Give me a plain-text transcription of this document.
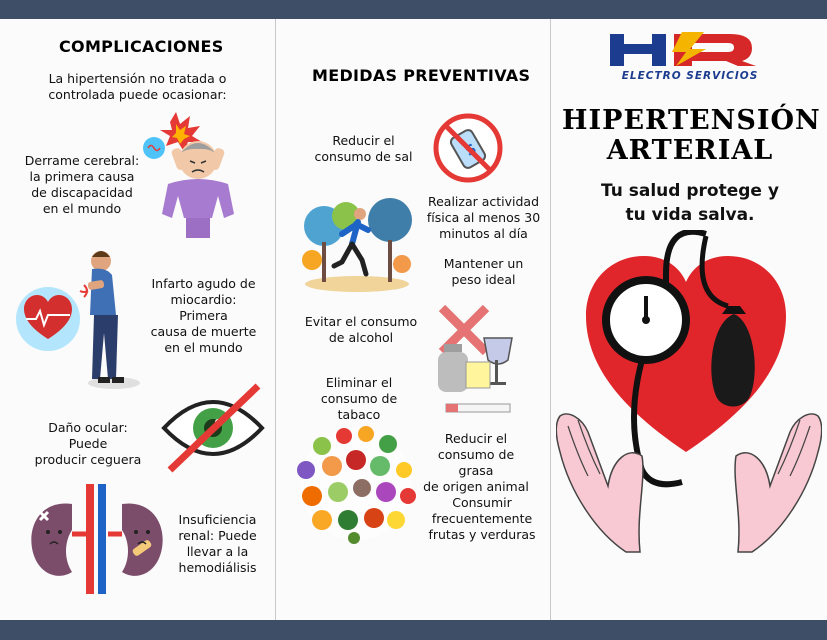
COMPLICACIONES
La hipertensión no tratada o
controlada puede ocasionar:
Derrame cerebral:
la primera causa
de discapacidad
en el mundo
Infarto agudo de
miocardio: Primera
causa de muerte
en el mundo
Daño ocular: Puede
producir ceguera
Insuficiencia
renal: Puede
llevar a la
hemodiálisis
MEDIDAS PREVENTIVAS
Reducir el
consumo de sal
Realizar actividad
física al menos 30
minutos al día
Mantener un
peso ideal
Evitar el consumo
de alcohol
Eliminar el
consumo de tabaco
Reducir el
consumo de grasa
de origen animal
Consumir
frecuentemente
frutas y verduras
ELECTRO SERVICIOS
HIPERTENSIÓN
ARTERIAL
Tu salud protege y
tu vida salva.
